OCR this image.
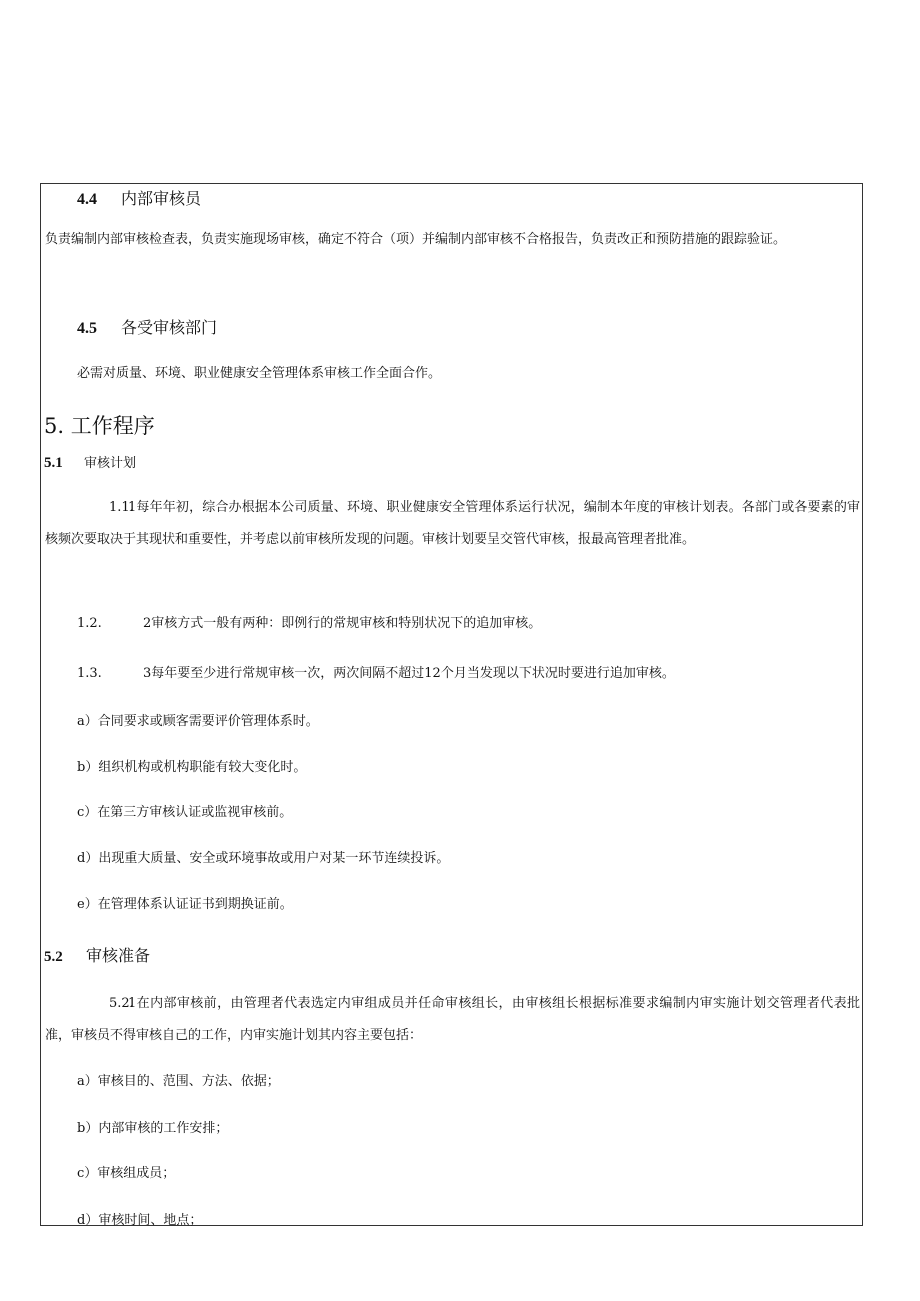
4.4 内部审核员
负责编制内部审核检查表，负责实施现场审核，确定不符合（项）并编制内部审核不合格报告，负责改正和预防措施的跟踪验证。
4.5 各受审核部门
必需对质量、环境、职业健康安全管理体系审核工作全面合作。
5. 工作程序
5.1 审核计划
1.1.1每年年初，综合办根据本公司质量、环境、职业健康安全管理体系运行状况，编制本年度的审核计划表。各部门或各要素的审核频次要取决于其现状和重要性，并考虑以前审核所发现的问题。审核计划要呈交管代审核，报最高管理者批准。
1.2.	2审核方式一般有两种：即例行的常规审核和特别状况下的追加审核。
1.3.	3每年要至少进行常规审核一次，两次间隔不超过12个月当发现以下状况时要进行追加审核。
a）合同要求或顾客需要评价管理体系时。
b）组织机构或机构职能有较大变化时。
c）在第三方审核认证或监视审核前。
d）出现重大质量、安全或环境事故或用户对某一环节连续投诉。
e）在管理体系认证证书到期换证前。
5.2 审核准备
5.2.1在内部审核前，由管理者代表选定内审组成员并任命审核组长，由审核组长根据标准要求编制内审实施计划交管理者代表批准，审核员不得审核自己的工作，内审实施计划其内容主要包括：
a）审核目的、范围、方法、依据；
b）内部审核的工作安排；
c）审核组成员；
d）审核时间、地点；
